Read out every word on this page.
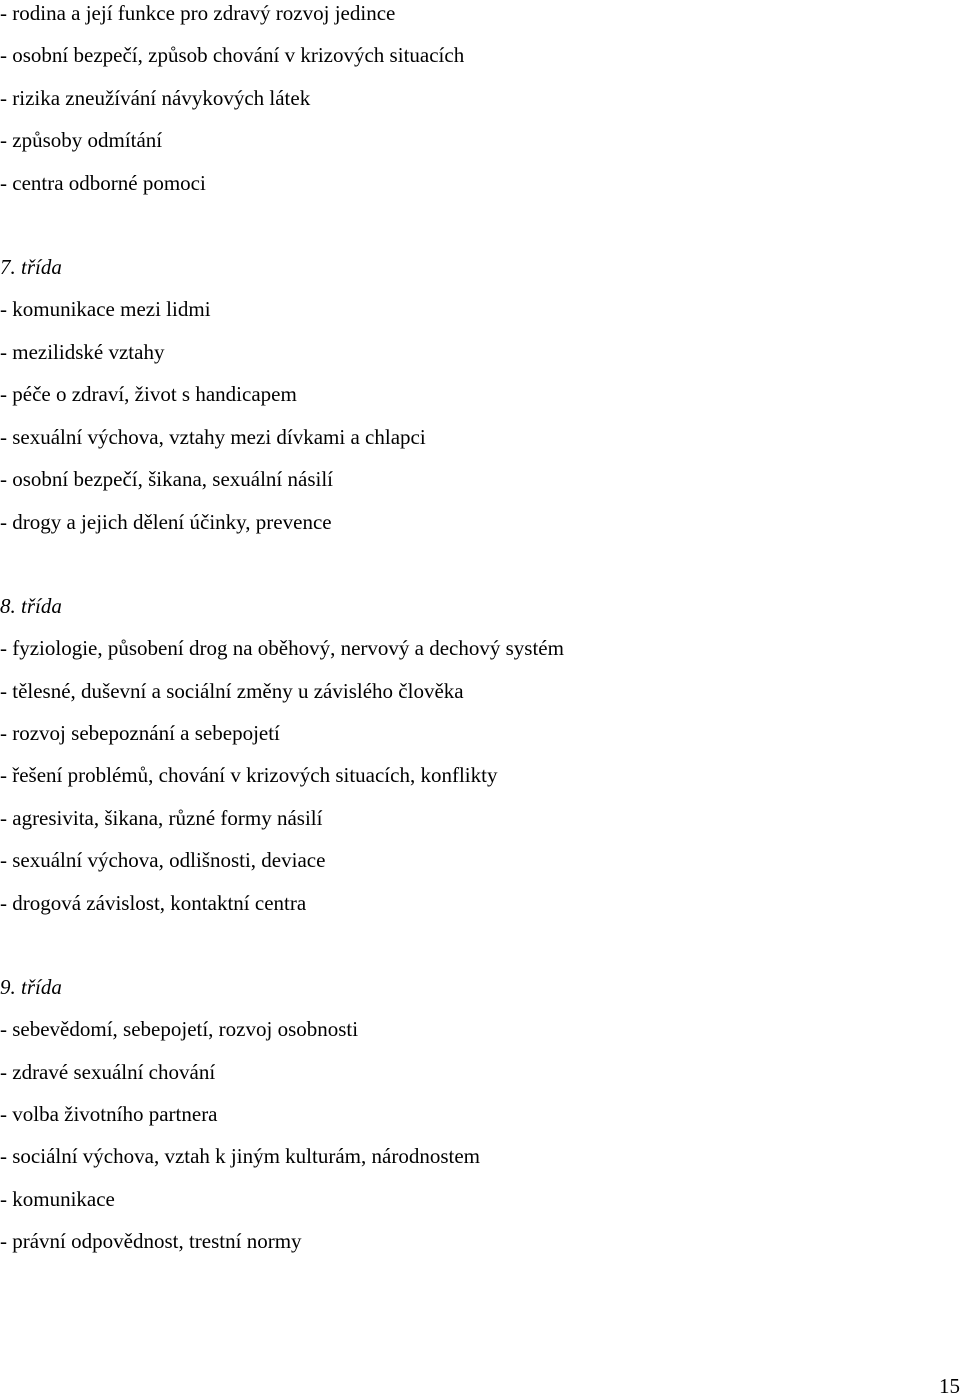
- rodina a její funkce pro zdravý rozvoj jedince
- osobní bezpečí, způsob chování v krizových situacích
- rizika zneužívání návykových látek
- způsoby odmítání
- centra odborné pomoci
7. třída
- komunikace mezi lidmi
- mezilidské vztahy
- péče o zdraví, život s handicapem
- sexuální výchova, vztahy mezi dívkami a chlapci
- osobní bezpečí, šikana, sexuální násilí
- drogy a jejich dělení účinky, prevence
8. třída
- fyziologie, působení drog na oběhový, nervový a dechový systém
- tělesné, duševní a sociální změny u závislého člověka
- rozvoj sebepoznání a sebepojetí
- řešení problémů, chování v krizových situacích, konflikty
- agresivita, šikana, různé formy násilí
- sexuální výchova, odlišnosti, deviace
- drogová závislost, kontaktní centra
9. třída
- sebevědomí, sebepojetí, rozvoj osobnosti
- zdravé sexuální chování
- volba životního partnera
- sociální výchova, vztah k jiným kulturám, národnostem
- komunikace
- právní odpovědnost, trestní normy
15
